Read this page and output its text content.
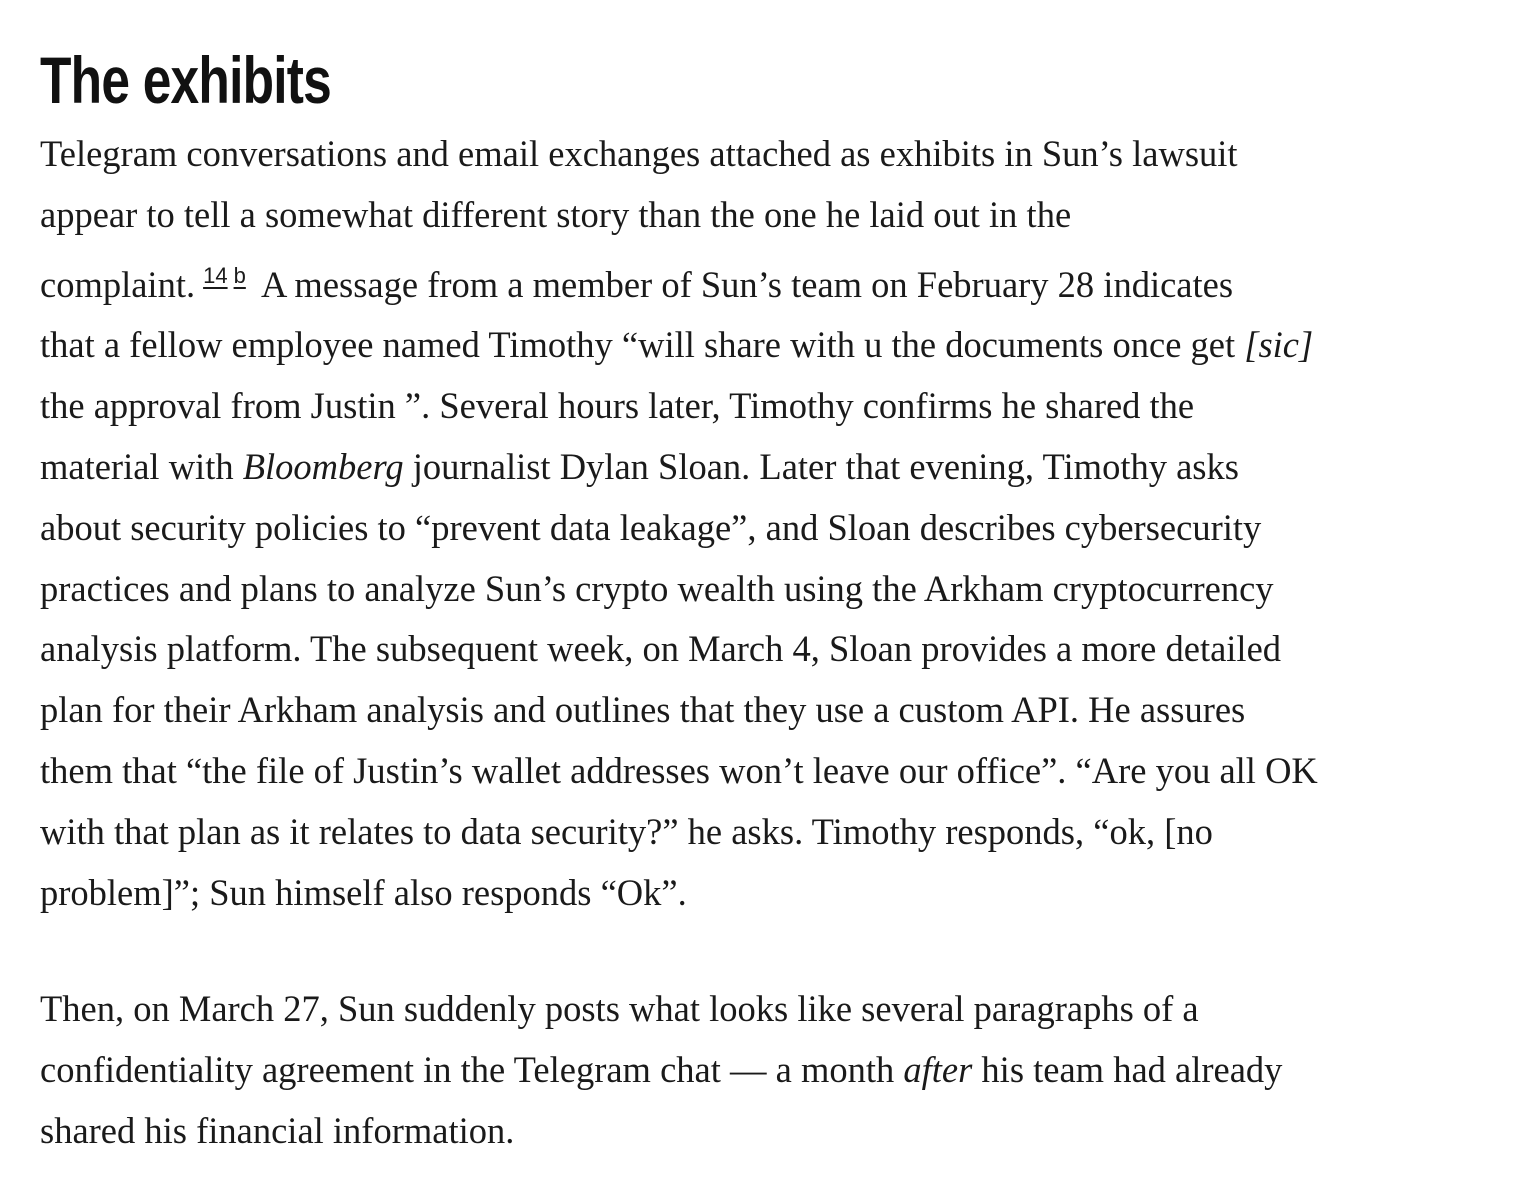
The exhibits

Telegram conversations and email exchanges attached as exhibits in Sun’s lawsuit
appear to tell a somewhat different story than the one he laid out in the
complaint. $^{14}$ $^b$ A message from a member of Sun’s team on February 28 indicates
that a fellow employee named Timothy “will share with u the documents once get [sic]
the approval from Justin ”. Several hours later, Timothy confirms he shared the
material with Bloomberg journalist Dylan Sloan. Later that evening, Timothy asks
about security policies to “prevent data leakage”, and Sloan describes cybersecurity
practices and plans to analyze Sun’s crypto wealth using the Arkham cryptocurrency
analysis platform. The subsequent week, on March 4, Sloan provides a more detailed
plan for their Arkham analysis and outlines that they use a custom API. He assures
them that “the file of Justin’s wallet addresses won’t leave our office”. “Are you all OK
with that plan as it relates to data security?” he asks. Timothy responds, “ok, [no
problem]”; Sun himself also responds “Ok”.

Then, on March 27, Sun suddenly posts what looks like several paragraphs of a
confidentiality agreement in the Telegram chat — a month after his team had already
shared his financial information.
